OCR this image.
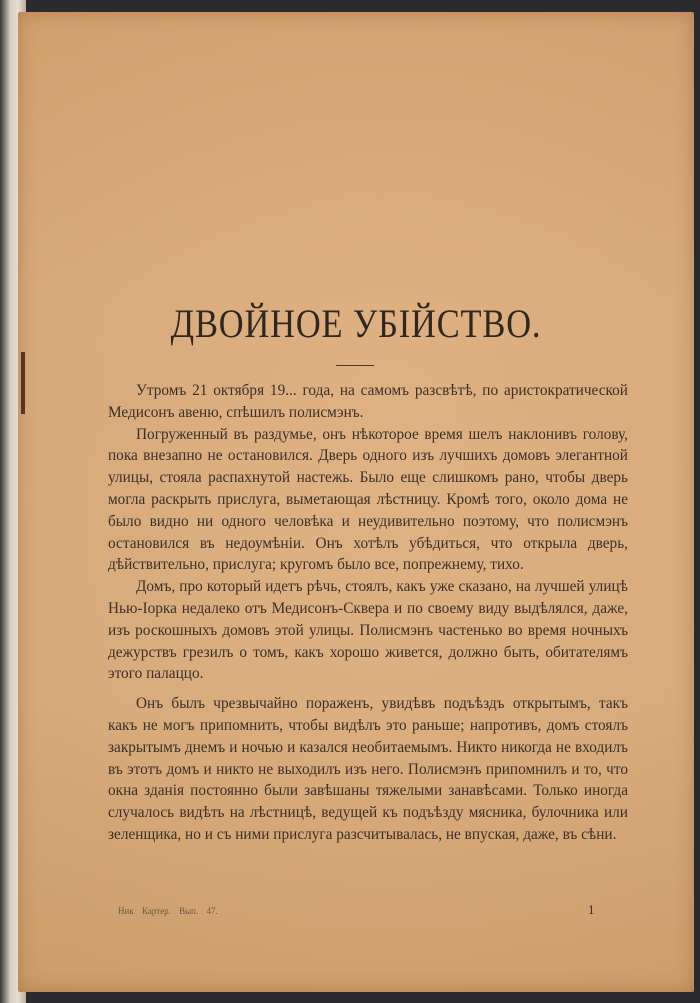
ДВОЙНОЕ УБІЙСТВО.

Утромъ 21 октября 19... года, на самомъ разсвѣтѣ, по аристократической Медисонъ авеню, спѣшилъ полисмэнъ.

Погруженный въ раздумье, онъ нѣкоторое время шелъ наклонивъ голову, пока внезапно не остановился. Дверь одного изъ лучшихъ домовъ элегантной улицы, стояла распахнутой настежь. Было еще слишкомъ рано, чтобы дверь могла раскрыть прислуга, выметающая лѣстницу. Кромѣ того, около дома не было видно ни одного человѣка и неудивительно поэтому, что полисмэнъ остановился въ недоумѣніи. Онъ хотѣлъ убѣдиться, что открыла дверь, дѣйствительно, прислуга; кругомъ было все, попрежнему, тихо.

Домъ, про который идетъ рѣчь, стоялъ, какъ уже сказано, на лучшей улицѣ Нью-Iорка недалеко отъ Медисонъ-Сквера и по своему виду выдѣлялся, даже, изъ роскошныхъ домовъ этой улицы. Полисмэнъ частенько во время ночныхъ дежурствъ грезилъ о томъ, какъ хорошо живется, должно быть, обитателямъ этого палаццо.

Онъ былъ чрезвычайно пораженъ, увидѣвъ подъѣздъ открытымъ, такъ какъ не могъ припомнить, чтобы видѣлъ это раньше; напротивъ, домъ стоялъ закрытымъ днемъ и ночью и казался необитаемымъ. Никто никогда не входилъ въ этотъ домъ и никто не выходилъ изъ него. Полисмэнъ припомнилъ и то, что окна зданія постоянно были завѣшаны тяжелыми занавѣсами. Только иногда случалось видѣть на лѣстницѣ, ведущей къ подъѣзду мясника, булочника или зеленщика, но и съ ними прислуга разсчитывалась, не впуская, даже, въ сѣни.

Ник Картер. Вып. 47.	1
